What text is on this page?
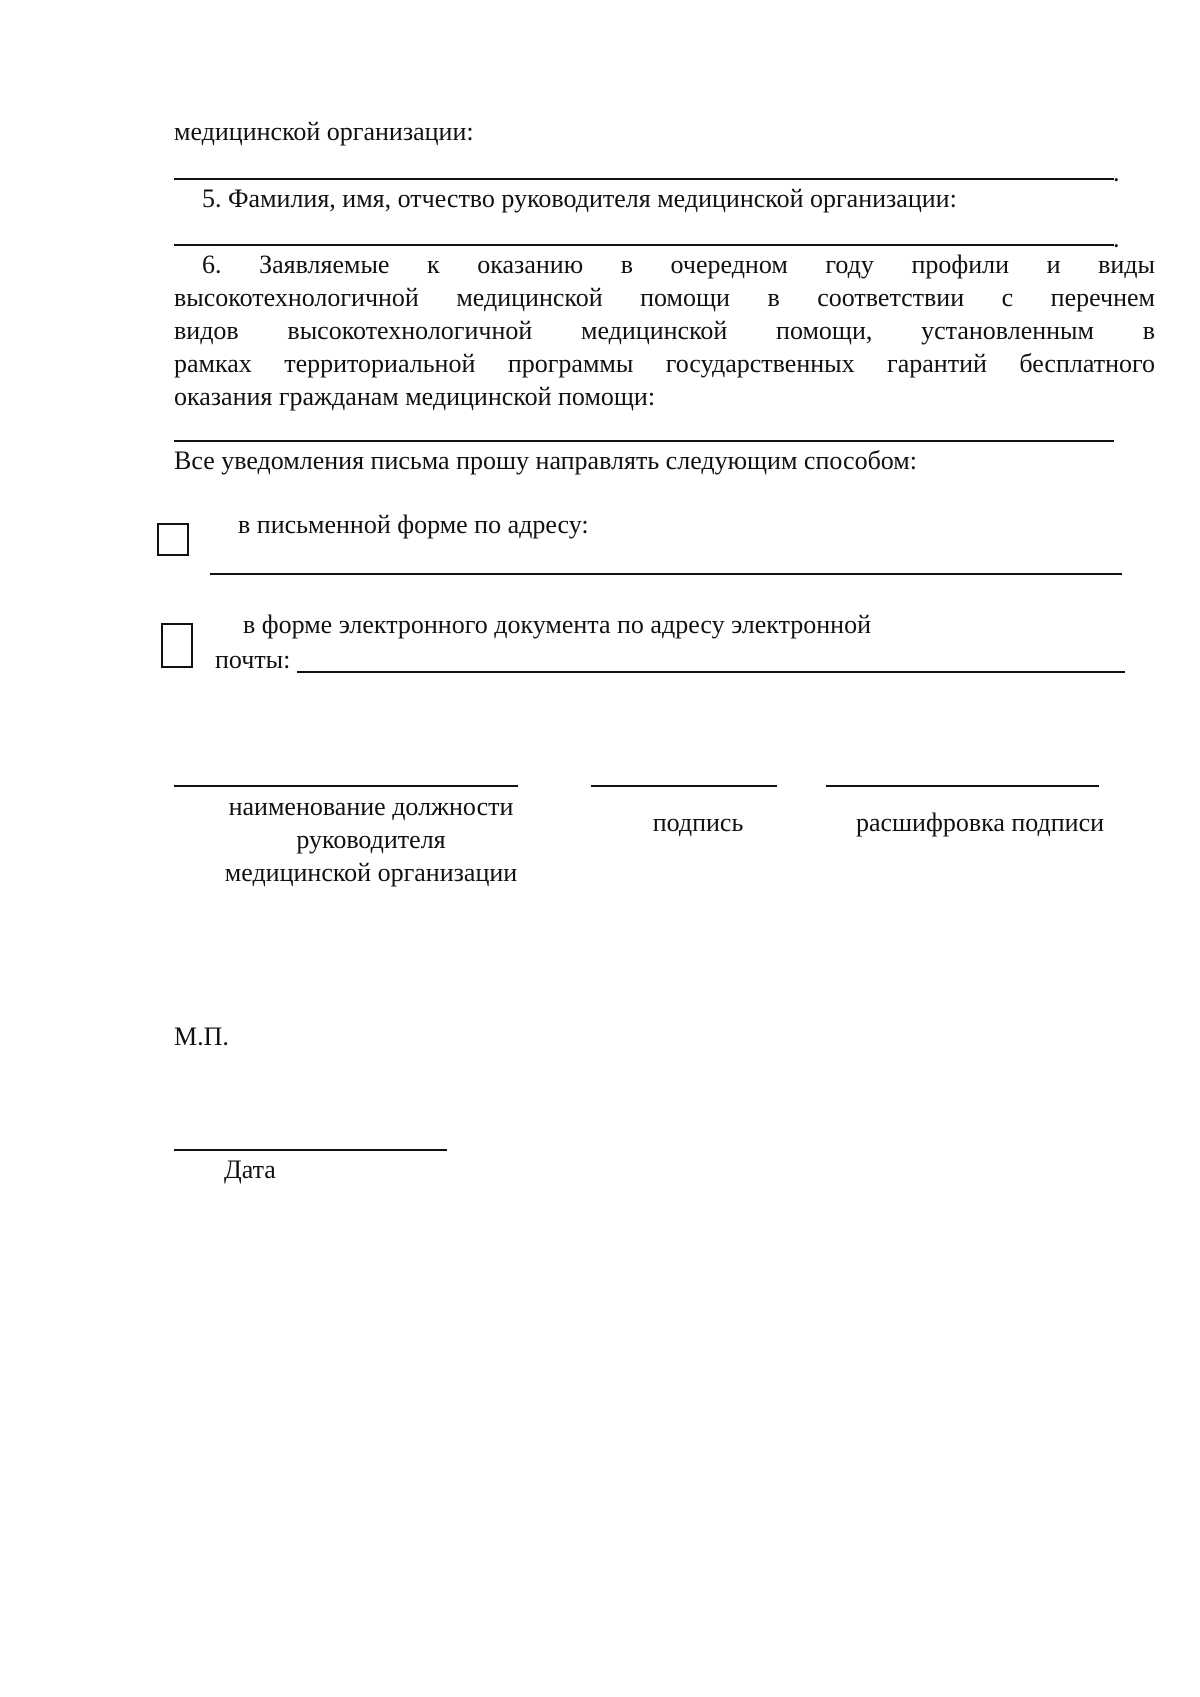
медицинской организации:
.
5. Фамилия, имя, отчество руководителя медицинской организации:
.
6. Заявляемые к оказанию в очередном году профили и виды
высокотехнологичной медицинской помощи в соответствии с перечнем
видов высокотехнологичной медицинской помощи, установленным в
рамках территориальной программы государственных гарантий бесплатного
оказания гражданам медицинской помощи:
Все уведомления письма прошу направлять следующим способом:
в письменной форме по адресу:
в форме электронного документа по адресу электронной
почты:
наименование должности
руководителя
медицинской организации
подпись	расшифровка подписи
М.П.
Дата
